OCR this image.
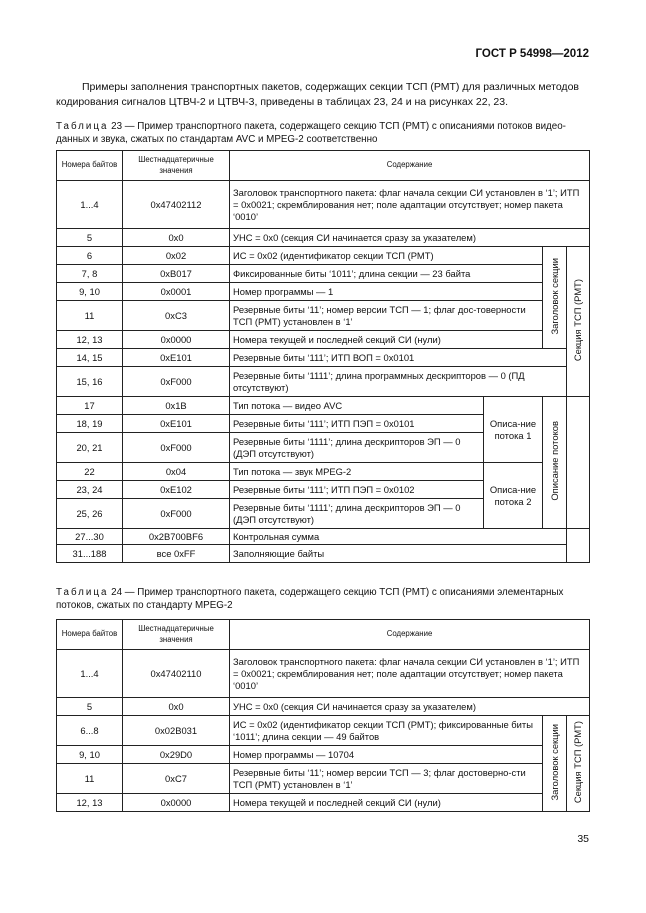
ГОСТ Р 54998—2012
Примеры заполнения транспортных пакетов, содержащих секции ТСП (РМТ) для различных методов кодирования сигналов ЦТВЧ-2 и ЦТВЧ-3, приведены в таблицах 23, 24 и на рисунках 22, 23.
Таблица 23 — Пример транспортного пакета, содержащего секцию ТСП (РМТ) с описаниями потоков видео-данных и звука, сжатых по стандартам AVC и MPEG-2 соответственно
Номера байтов	Шестнадцатеричные значения	Содержание			
1...4	0x47402112	Заголовок транспортного пакета: флаг начала секции СИ установлен в ‘1’; ИТП = 0x0021; скремблирования нет; поле адаптации отсутствует; номер пакета ‘0010’			
5	0x0	УНС = 0x0 (секция СИ начинается сразу за указателем)			
6	0x02	ИС = 0x02 (идентификатор секции ТСП (РМТ)		Заголовок секции	Секция ТСП (РМТ)
7, 8	0xB017	Фиксированные биты ‘1011’; длина секции — 23 байта			
9, 10	0x0001	Номер программы — 1			
11	0xC3	Резервные биты ‘11’; номер версии ТСП — 1; флаг дос-товерности ТСП (РМТ) установлен в ‘1’			
12, 13	0x0000	Номера текущей и последней секций СИ (нули)			
14, 15	0xE101	Резервные биты ‘111’; ИТП ВОП = 0x0101			
15, 16	0xF000	Резервные биты ‘1111’; длина программных дескрипторов — 0 (ПД отсутствуют)			
17	0x1B	Тип потока — видео AVC	Описа-ние потока 1	Описание потоков	
18, 19	0xE101	Резервные биты ‘111’; ИТП ПЭП = 0x0101			
20, 21	0xF000	Резервные биты ‘1111’; длина дескрипторов ЭП — 0 (ДЭП отсутствуют)			
22	0x04	Тип потока — звук MPEG-2	Описа-ние потока 2		
23, 24	0xE102	Резервные биты ‘111’; ИТП ПЭП = 0x0102			
25, 26	0xF000	Резервные биты ‘1111’; длина дескрипторов ЭП — 0 (ДЭП отсутствуют)			
27...30	0x2B700BF6	Контрольная сумма			
31...188	все 0xFF	Заполняющие байты			
Таблица 24 — Пример транспортного пакета, содержащего секцию ТСП (РМТ) с описаниями элементарных потоков, сжатых по стандарту MPEG-2
Номера байтов	Шестнадцатеричные значения	Содержание		
1...4	0x47402110	Заголовок транспортного пакета: флаг начала секции СИ установлен в ‘1’; ИТП = 0x0021; скремблирования нет; поле адаптации отсутствует; номер пакета ‘0010’		
5	0x0	УНС = 0x0 (секция СИ начинается сразу за указателем)		
6...8	0x02B031	ИС = 0x02 (идентификатор секции ТСП (РМТ); фиксированные биты ‘1011’; длина секции — 49 байтов	Заголовок секции	Секция ТСП (РМТ)
9, 10	0x29D0	Номер программы — 10704		
11	0xC7	Резервные биты ‘11’; номер версии ТСП — 3; флаг достоверно-сти ТСП (РМТ) установлен в ‘1’		
12, 13	0x0000	Номера текущей и последней секций СИ (нули)		
35
